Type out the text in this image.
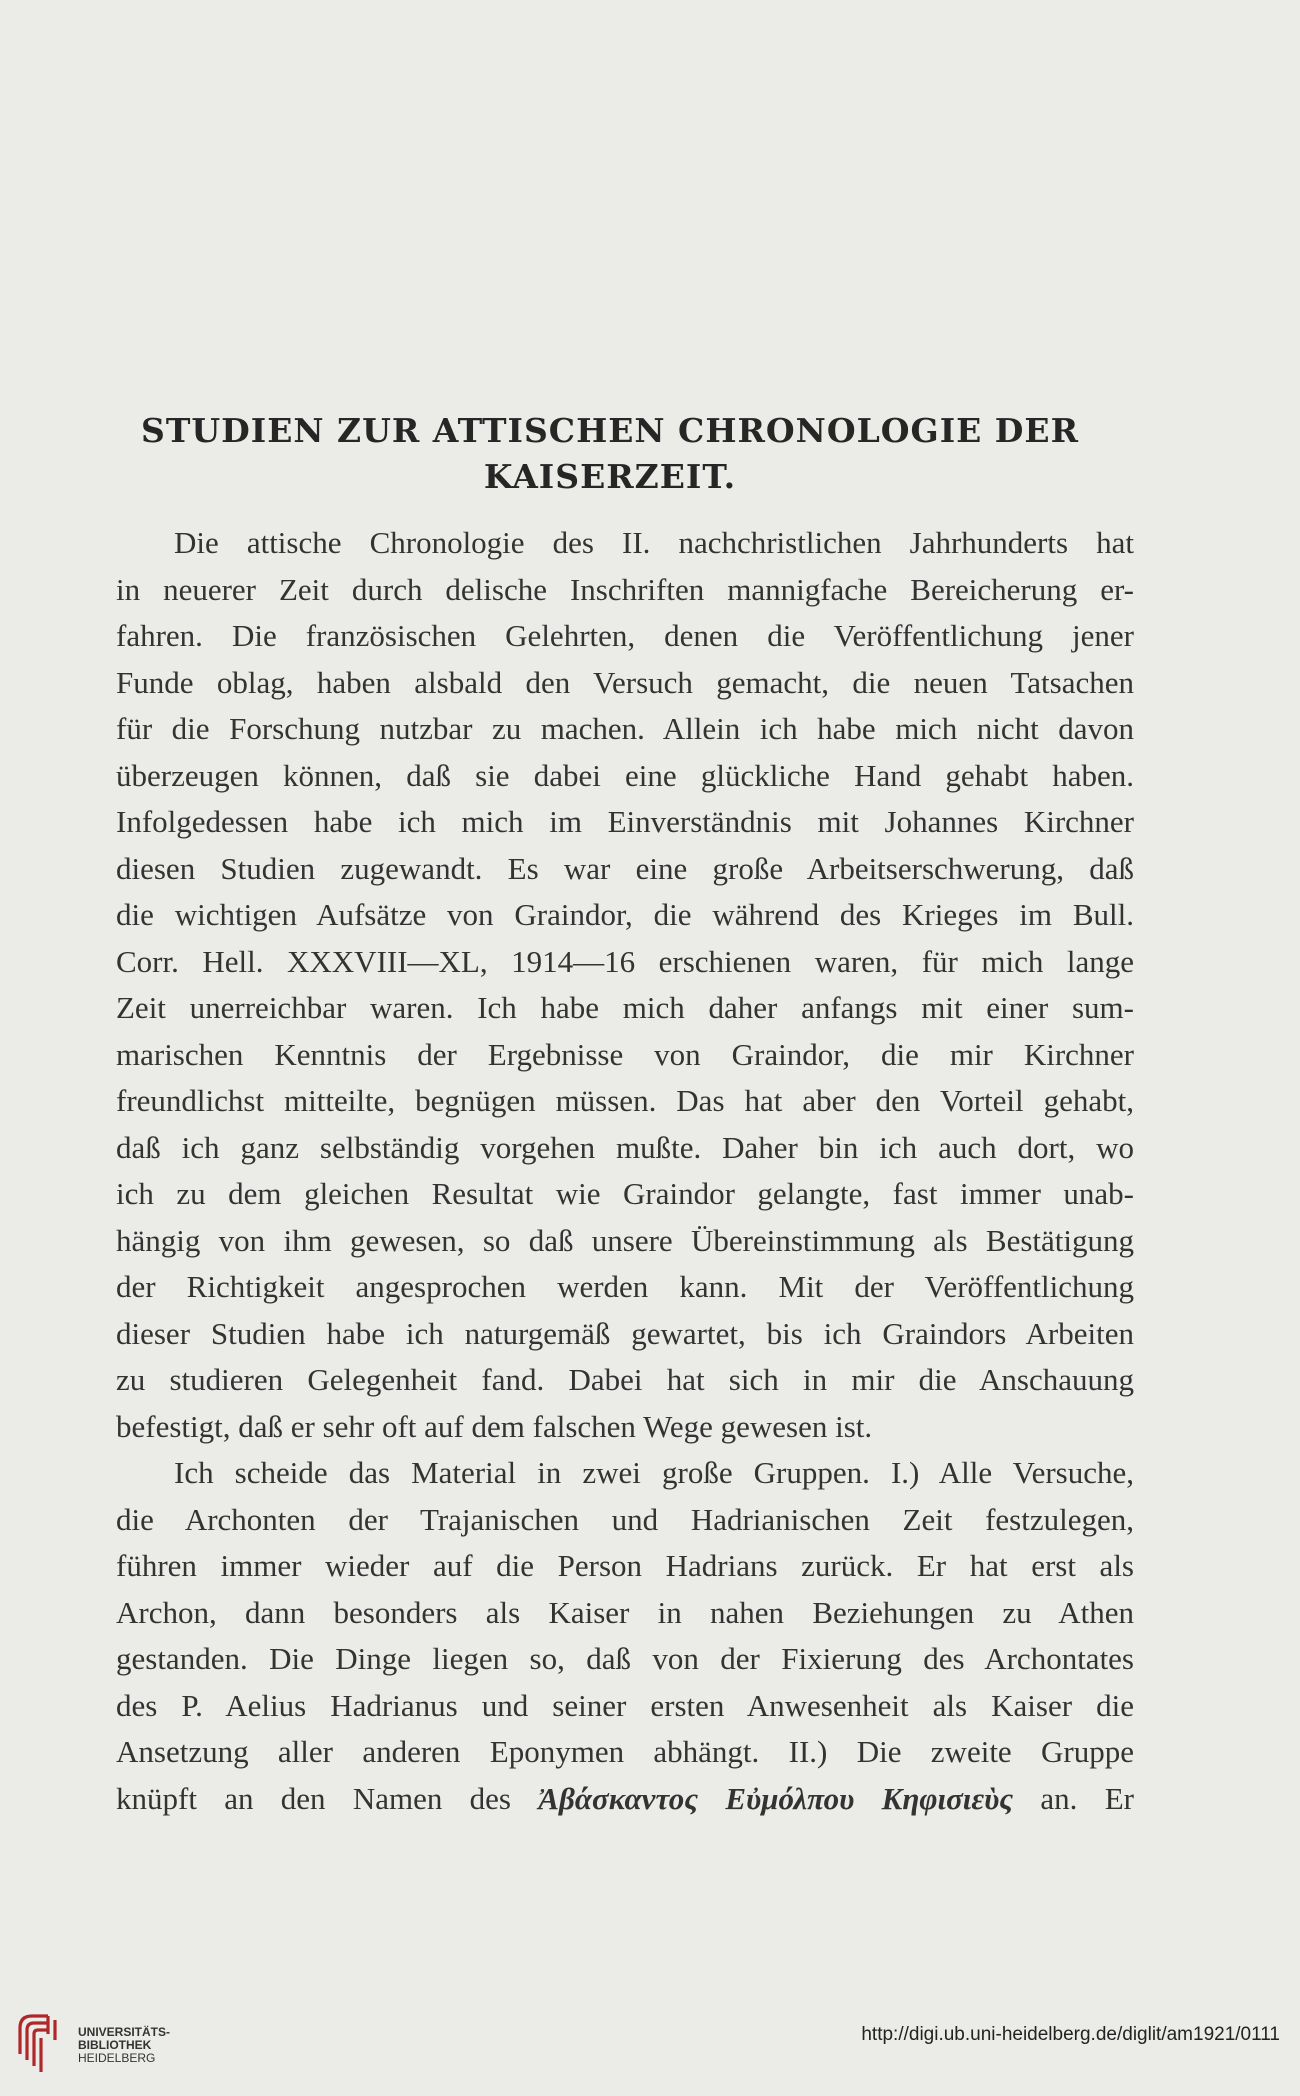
STUDIEN ZUR ATTISCHEN CHRONOLOGIE DER
KAISERZEIT.
Die attische Chronologie des II. nachchristlichen Jahrhunderts hat
in neuerer Zeit durch delische Inschriften mannigfache Bereicherung er-
fahren. Die französischen Gelehrten, denen die Veröffentlichung jener
Funde oblag, haben alsbald den Versuch gemacht, die neuen Tatsachen
für die Forschung nutzbar zu machen. Allein ich habe mich nicht davon
überzeugen können, daß sie dabei eine glückliche Hand gehabt haben.
Infolgedessen habe ich mich im Einverständnis mit Johannes Kirchner
diesen Studien zugewandt. Es war eine große Arbeitserschwerung, daß
die wichtigen Aufsätze von Graindor, die während des Krieges im Bull.
Corr. Hell. XXXVIII—XL, 1914—16 erschienen waren, für mich lange
Zeit unerreichbar waren. Ich habe mich daher anfangs mit einer sum-
marischen Kenntnis der Ergebnisse von Graindor, die mir Kirchner
freundlichst mitteilte, begnügen müssen. Das hat aber den Vorteil gehabt,
daß ich ganz selbständig vorgehen mußte. Daher bin ich auch dort, wo
ich zu dem gleichen Resultat wie Graindor gelangte, fast immer unab-
hängig von ihm gewesen, so daß unsere Übereinstimmung als Bestätigung
der Richtigkeit angesprochen werden kann. Mit der Veröffentlichung
dieser Studien habe ich naturgemäß gewartet, bis ich Graindors Arbeiten
zu studieren Gelegenheit fand. Dabei hat sich in mir die Anschauung
befestigt, daß er sehr oft auf dem falschen Wege gewesen ist.
Ich scheide das Material in zwei große Gruppen. I.) Alle Versuche,
die Archonten der Trajanischen und Hadrianischen Zeit festzulegen,
führen immer wieder auf die Person Hadrians zurück. Er hat erst als
Archon, dann besonders als Kaiser in nahen Beziehungen zu Athen
gestanden. Die Dinge liegen so, daß von der Fixierung des Archontates
des P. Aelius Hadrianus und seiner ersten Anwesenheit als Kaiser die
Ansetzung aller anderen Eponymen abhängt. II.) Die zweite Gruppe
knüpft an den Namen des Ἀβάσκαντος Εὐμόλπου Κηφισιεὺς an. Er
UNIVERSITÄTS-
BIBLIOTHEK
HEIDELBERG
http://digi.ub.uni-heidelberg.de/diglit/am1921/0111
